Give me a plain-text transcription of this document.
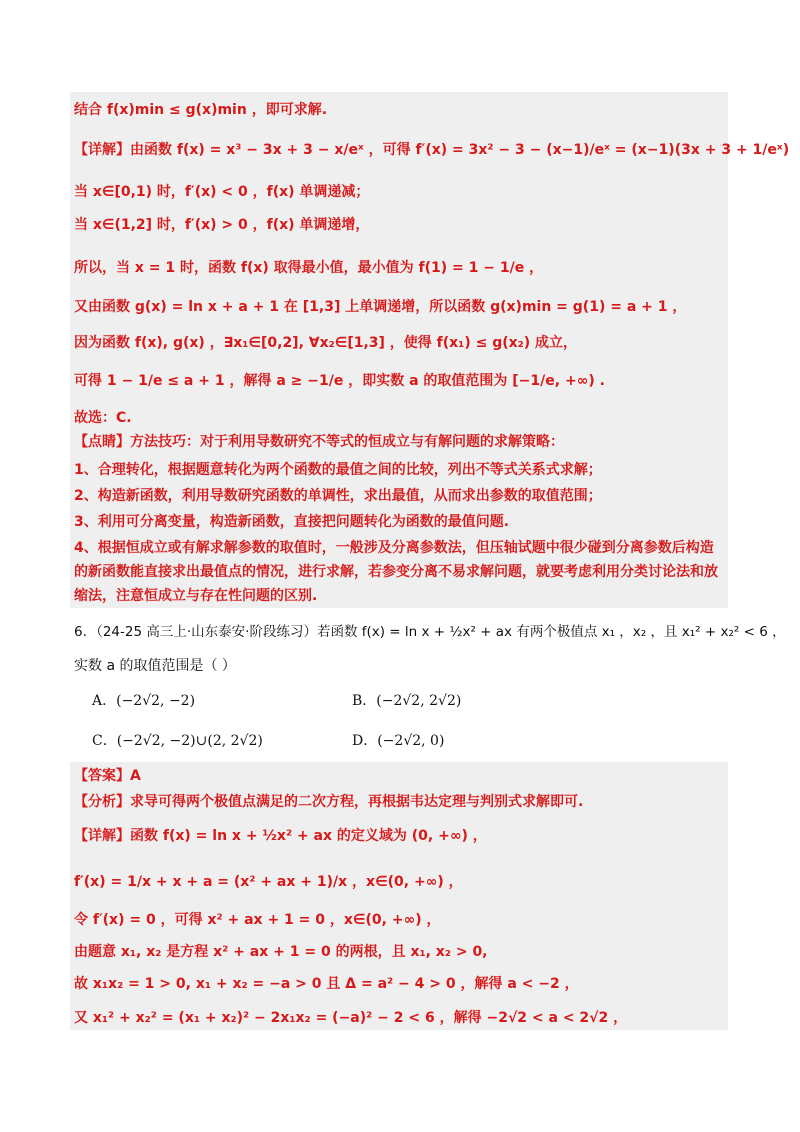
结合 f(x)min ≤ g(x)min ，即可求解.
【详解】由函数 f(x) = x³ − 3x + 3 − x/eˣ ，可得 f′(x) = 3x² − 3 − (x−1)/eˣ = (x−1)(3x + 3 + 1/eˣ)
当 x∈[0,1) 时，f′(x) < 0 ，f(x) 单调递减；
当 x∈(1,2] 时，f′(x) > 0 ，f(x) 单调递增，
所以，当 x = 1 时，函数 f(x) 取得最小值，最小值为 f(1) = 1 − 1/e ，
又由函数 g(x) = ln x + a + 1 在 [1,3] 上单调递增，所以函数 g(x)min = g(1) = a + 1 ，
因为函数 f(x), g(x) ，∃x₁∈[0,2], ∀x₂∈[1,3] ，使得 f(x₁) ≤ g(x₂) 成立，
可得 1 − 1/e ≤ a + 1 ，解得 a ≥ −1/e ，即实数 a 的取值范围为 [−1/e, +∞) .
故选：C.
【点睛】方法技巧：对于利用导数研究不等式的恒成立与有解问题的求解策略：
1、合理转化，根据题意转化为两个函数的最值之间的比较，列出不等式关系式求解；
2、构造新函数，利用导数研究函数的单调性，求出最值，从而求出参数的取值范围；
3、利用可分离变量，构造新函数，直接把问题转化为函数的最值问题.
4、根据恒成立或有解求解参数的取值时，一般涉及分离参数法，但压轴试题中很少碰到分离参数后构造
的新函数能直接求出最值点的情况，进行求解，若参变分离不易求解问题，就要考虑利用分类讨论法和放
缩法，注意恒成立与存在性问题的区别.
6．（24-25 高三上·山东泰安·阶段练习）若函数 f(x) = ln x + ½x² + ax 有两个极值点 x₁ ，x₂ ，且 x₁² + x₂² < 6 ，
实数 a 的取值范围是（ ）
A．(−2√2, −2)	B．(−2√2, 2√2)
C．(−2√2, −2)∪(2, 2√2)	D．(−2√2, 0)
【答案】A
【分析】求导可得两个极值点满足的二次方程，再根据韦达定理与判别式求解即可.
【详解】函数 f(x) = ln x + ½x² + ax 的定义域为 (0, +∞) ，
f′(x) = 1/x + x + a = (x² + ax + 1)/x ，x∈(0, +∞) ，
令 f′(x) = 0 ，可得 x² + ax + 1 = 0 ，x∈(0, +∞) ，
由题意 x₁, x₂ 是方程 x² + ax + 1 = 0 的两根，且 x₁, x₂ > 0,
故 x₁x₂ = 1 > 0, x₁ + x₂ = −a > 0 且 Δ = a² − 4 > 0 ，解得 a < −2 ，
又 x₁² + x₂² = (x₁ + x₂)² − 2x₁x₂ = (−a)² − 2 < 6 ，解得 −2√2 < a < 2√2 ，
